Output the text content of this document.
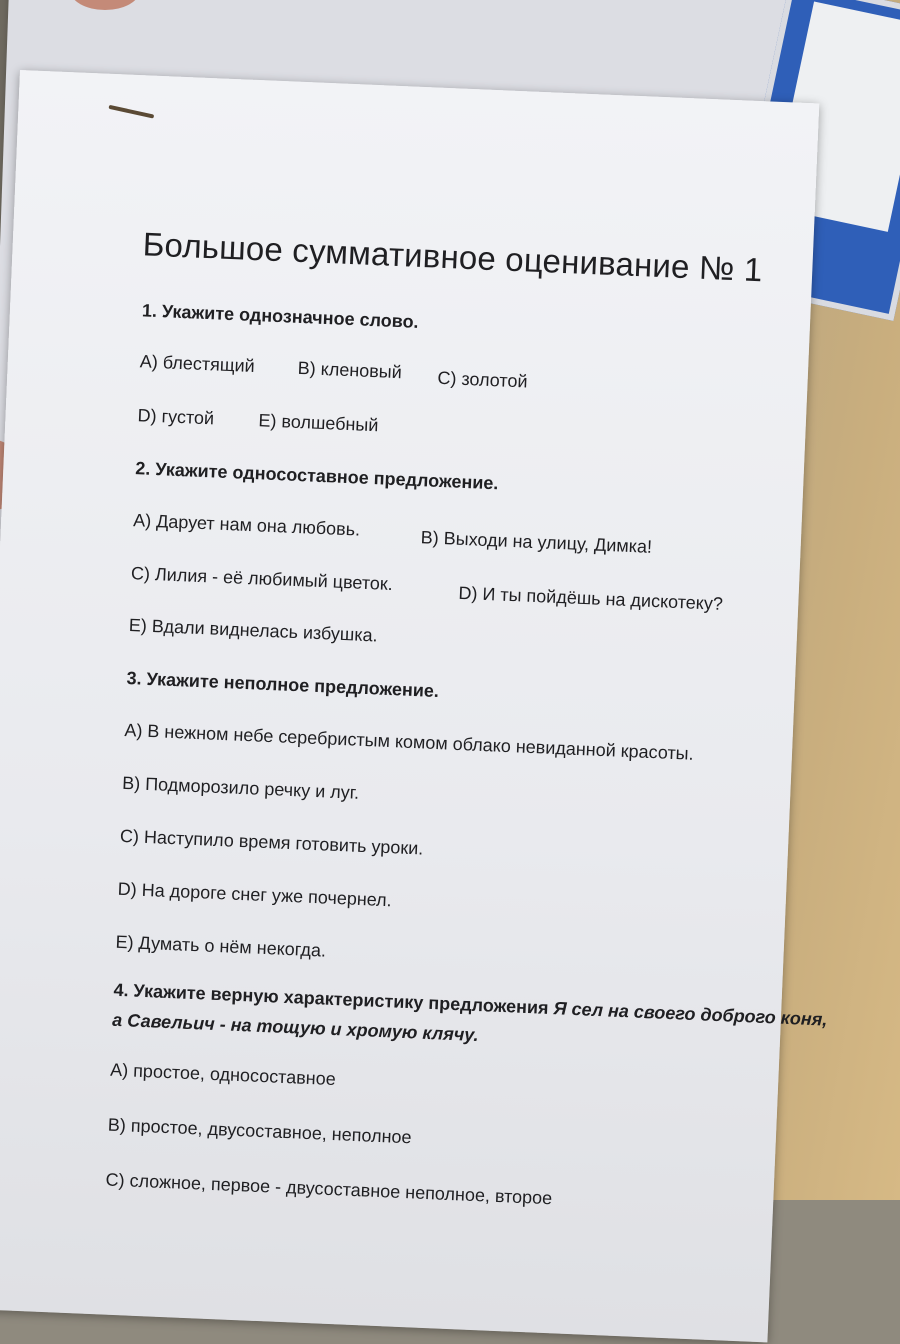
Большое суммативное оценивание № 1
1. Укажите однозначное слово.
A) блестящий B) кленовый C) золотой
D) густой E) волшебный
2. Укажите односоставное предложение.
A) Дарует нам она любовь.
B) Выходи на улицу, Димка!
C) Лилия - её любимый цветок.
D) И ты пойдёшь на дискотеку?
E) Вдали виднелась избушка.
3. Укажите неполное предложение.
A) В нежном небе серебристым комом облако невиданной красоты.
B) Подморозило речку и луг.
C) Наступило время готовить уроки.
D) На дороге снег уже почернел.
E) Думать о нём некогда.
4. Укажите верную характеристику предложения Я сел на своего доброго коня,
а Савельич - на тощую и хромую клячу.
A) простое, односоставное
B) простое, двусоставное, неполное
C) сложное, первое - двусоставное неполное, второе
